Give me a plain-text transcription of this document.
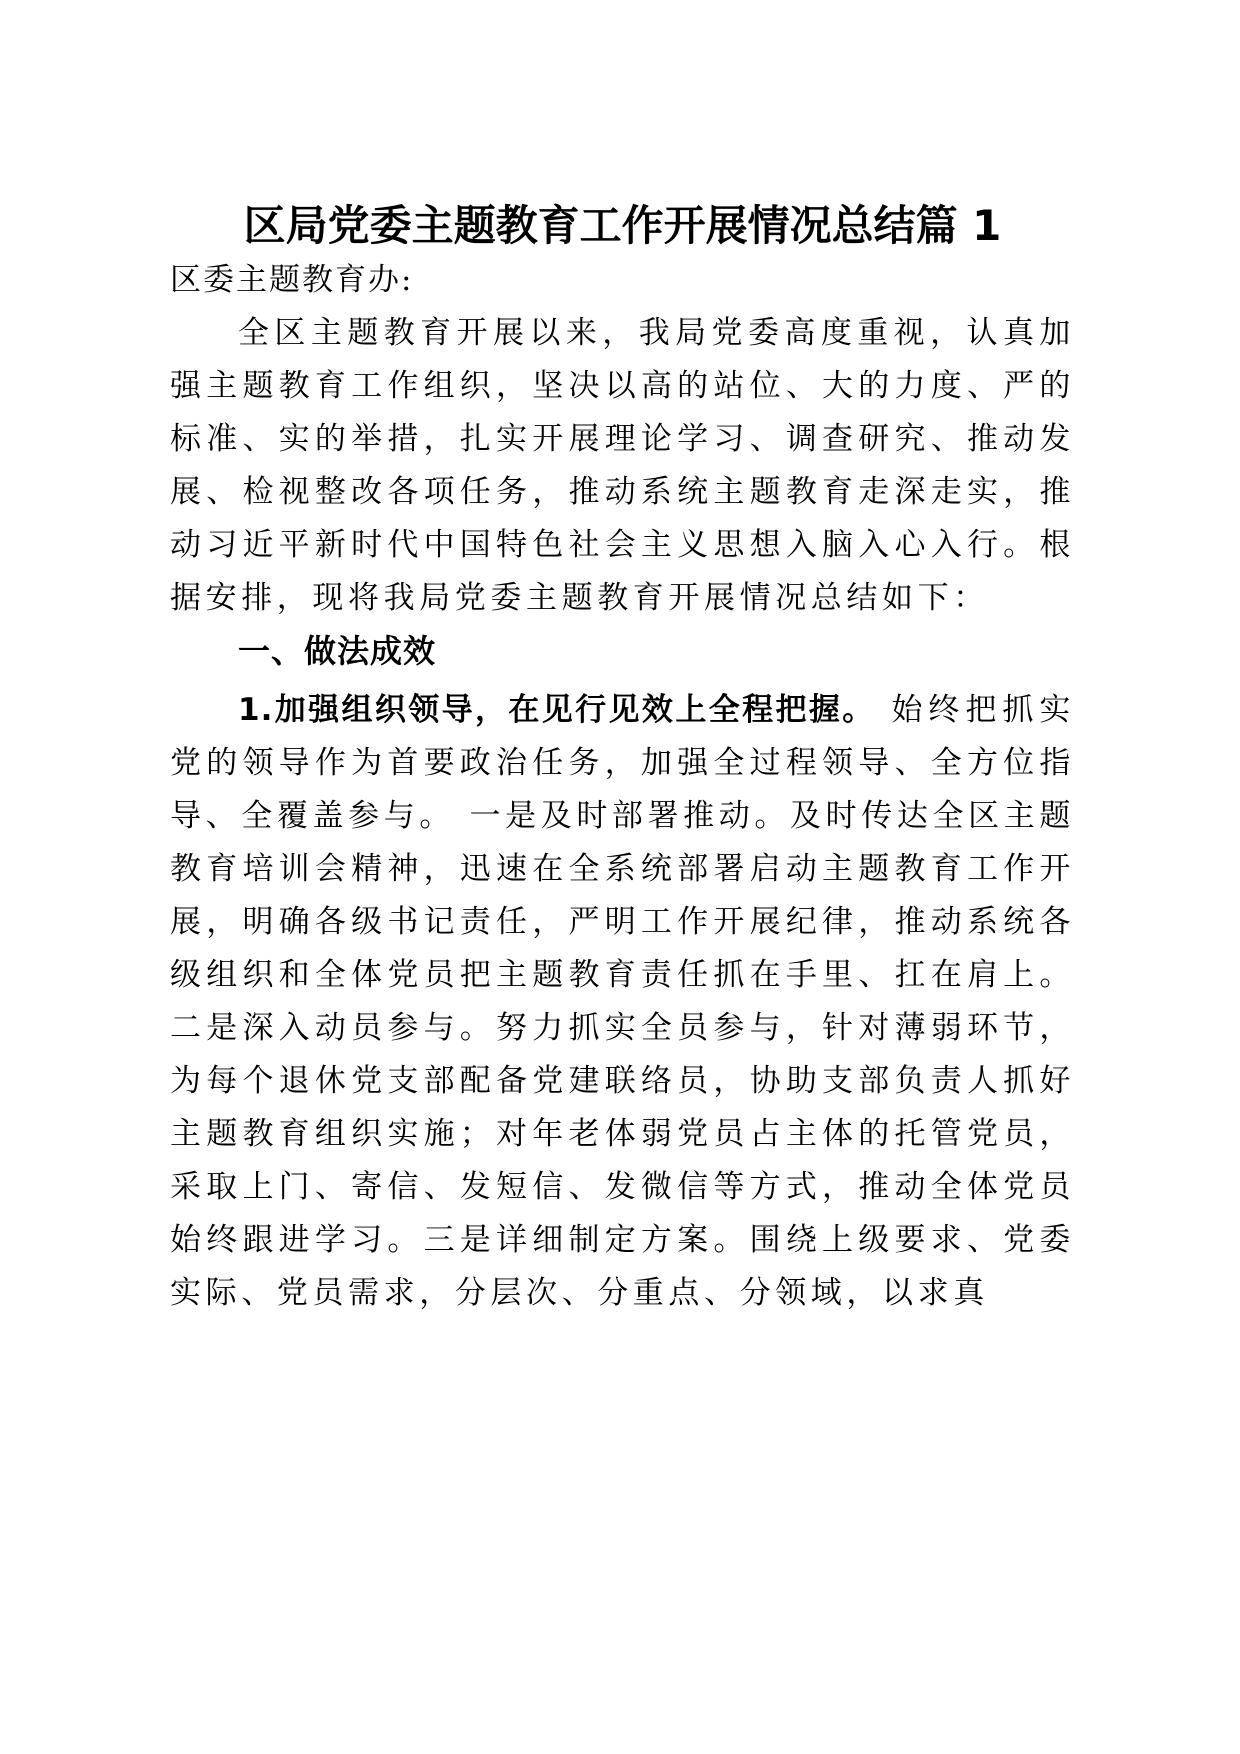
区局党委主题教育工作开展情况总结篇 1

区委主题教育办:

全区主题教育开展以来，我局党委高度重视，认真加强主题教育工作组织，坚决以高的站位、大的力度、严的标准、实的举措，扎实开展理论学习、调查研究、推动发展、检视整改各项任务，推动系统主题教育走深走实，推动习近平新时代中国特色社会主义思想入脑入心入行。根据安排，现将我局党委主题教育开展情况总结如下：

一、做法成效

1.加强组织领导，在见行见效上全程把握。 始终把抓实党的领导作为首要政治任务，加强全过程领导、全方位指导、全覆盖参与。 一是及时部署推动。及时传达全区主题教育培训会精神，迅速在全系统部署启动主题教育工作开展，明确各级书记责任，严明工作开展纪律，推动系统各级组织和全体党员把主题教育责任抓在手里、扛在肩上。二是深入动员参与。努力抓实全员参与，针对薄弱环节，为每个退休党支部配备党建联络员，协助支部负责人抓好主题教育组织实施；对年老体弱党员占主体的托管党员，采取上门、寄信、发短信、发微信等方式，推动全体党员始终跟进学习。三是详细制定方案。围绕上级要求、党委实际、党员需求，分层次、分重点、分领域，以求真
